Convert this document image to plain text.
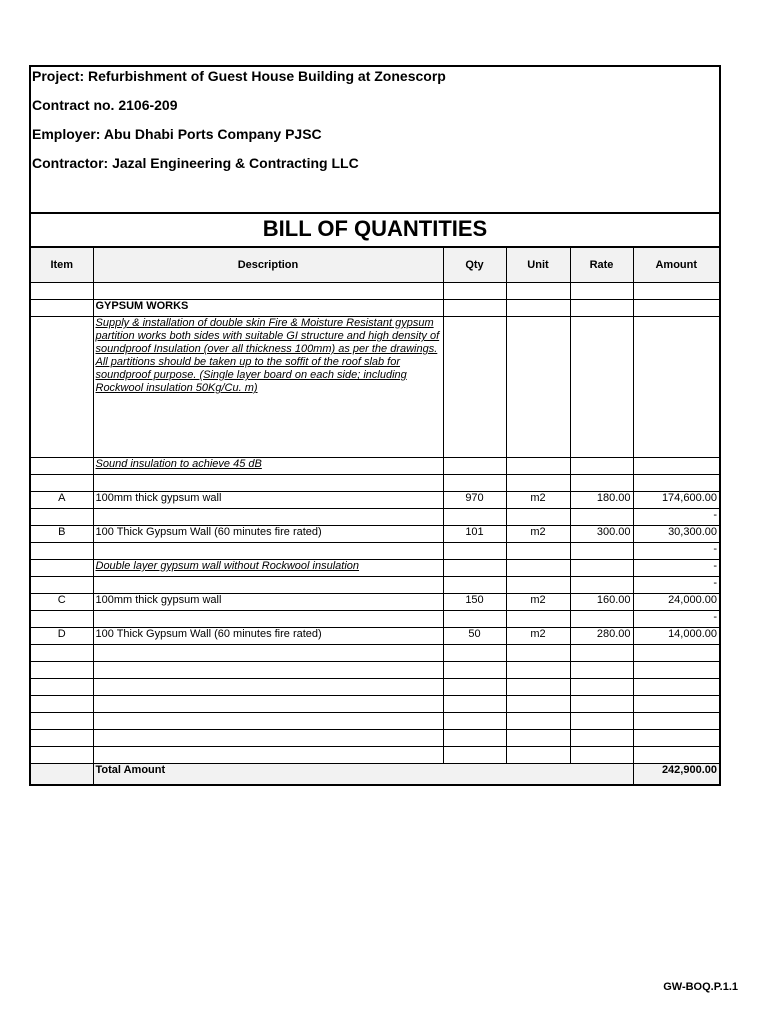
Project: Refurbishment of Guest House Building at Zonescorp
Contract no. 2106-209
Employer: Abu Dhabi Ports Company PJSC
Contractor: Jazal Engineering & Contracting LLC
BILL OF QUANTITIES
Item	Description	Qty	Unit	Rate	Amount

	GYPSUM WORKS				
	Supply & installation of double skin Fire & Moisture Resistant gypsum partition works both sides with suitable GI structure and high density of soundproof Insulation (over all thickness 100mm) as per the drawings. All partitions should be taken up to the soffit of the roof slab for soundproof purpose. (Single layer board on each side; including Rockwool insulation 50Kg/Cu. m)				
	Sound insulation to achieve 45 dB				

A	100mm thick gypsum wall	970	m2	180.00	174,600.00
					-
B	100 Thick Gypsum Wall (60 minutes fire rated)	101	m2	300.00	30,300.00
					-
	Double layer gypsum wall without Rockwool insulation				-
					-
C	100mm thick gypsum wall	150	m2	160.00	24,000.00
					-
D	100 Thick Gypsum Wall (60 minutes fire rated)	50	m2	280.00	14,000.00

	Total Amount				242,900.00
GW-BOQ.P.1.1
